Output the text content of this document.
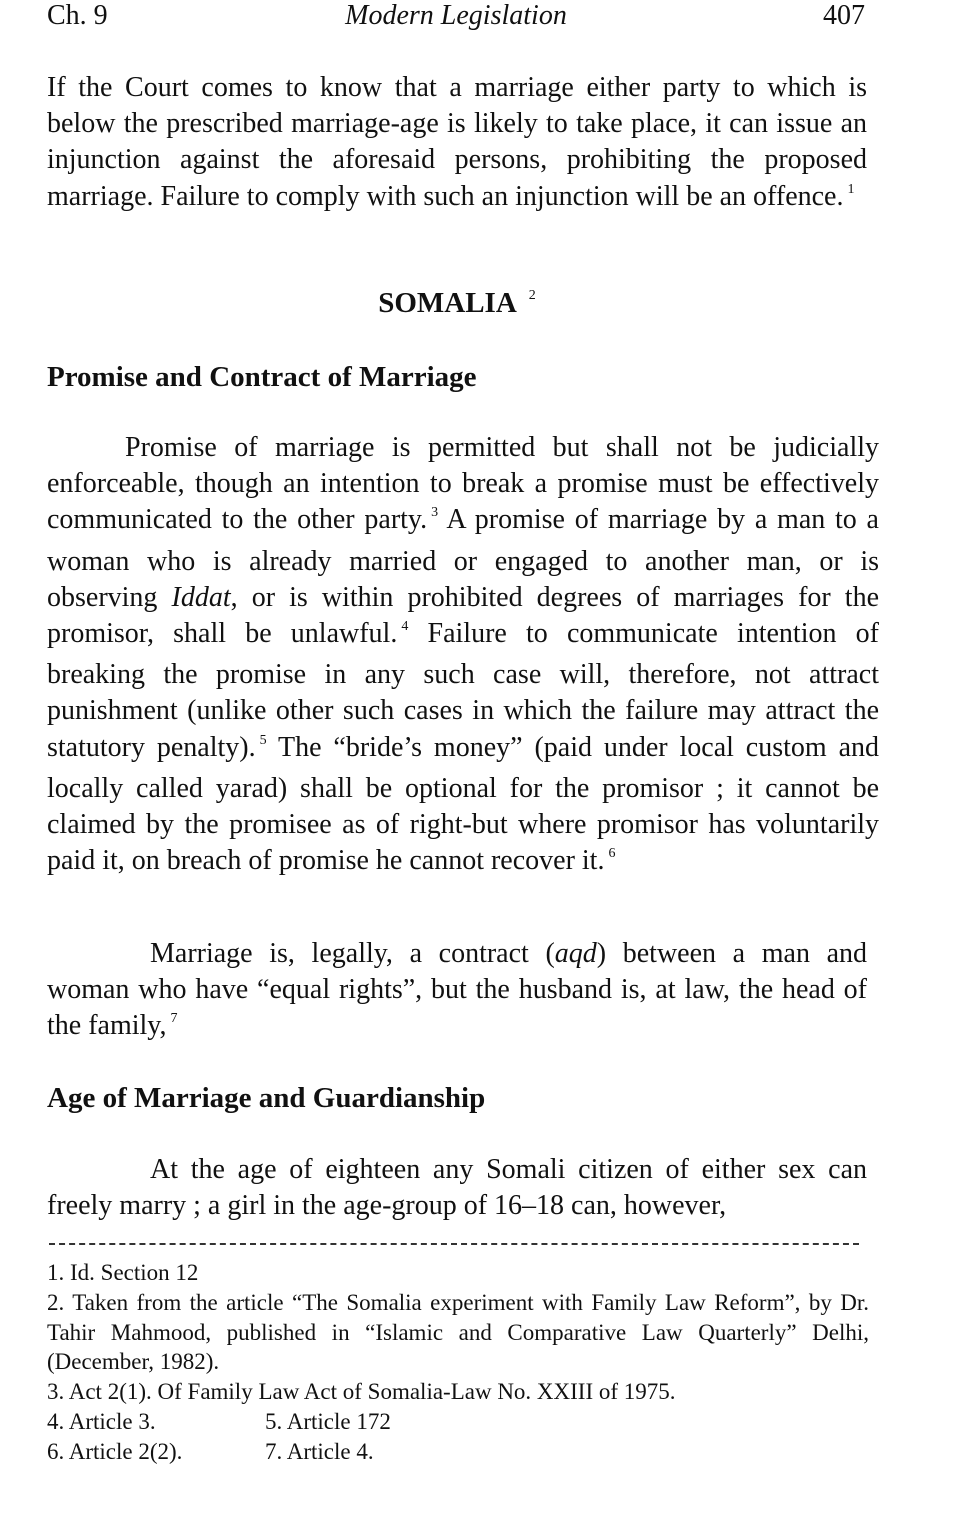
Ch. 9	Modern Legislation	407

If the Court comes to know that a marriage either party to which is below the prescribed marriage-age is likely to take place, it can issue an injunction against the aforesaid persons, prohibiting the proposed marriage. Failure to comply with such an injunction will be an offence. $^1$

SOMALIA $^2$
Promise and Contract of Marriage

Promise of marriage is permitted but shall not be judicially enforceable, though an intention to break a promise must be effectively communicated to the other party. $^3$ A promise of marriage by a man to a woman who is already married or engaged to another man, or is observing Iddat, or is within prohibited degrees of marriages for the promisor, shall be unlawful. $^4$ Failure to communicate intention of breaking the promise in any such case will, therefore, not attract punishment (unlike other such cases in which the failure may attract the statutory penalty). $^5$ The “bride’s money” (paid under local custom and locally called yarad) shall be optional for the promisor ; it cannot be claimed by the promisee as of right-but where promisor has voluntarily paid it, on breach of promise he cannot recover it. $^6$

Marriage is, legally, a contract (aqd) between a man and woman who have “equal rights”, but the husband is, at law, the head of the family, $^7$

Age of Marriage and Guardianship

At the age of eighteen any Somali citizen of either sex can freely marry ; a girl in the age-group of 16–18 can, however,

1. Id. Section 12

2. Taken from the article “The Somalia experiment with Family Law Reform”, by Dr. Tahir Mahmood, published in “Islamic and Comparative Law Quarterly” Delhi, (December, 1982).

3. Act 2(1). Of Family Law Act of Somalia-Law No. XXIII of 1975.

4. Article 3.	5. Article 172
6. Article 2(2).	7. Article 4.
